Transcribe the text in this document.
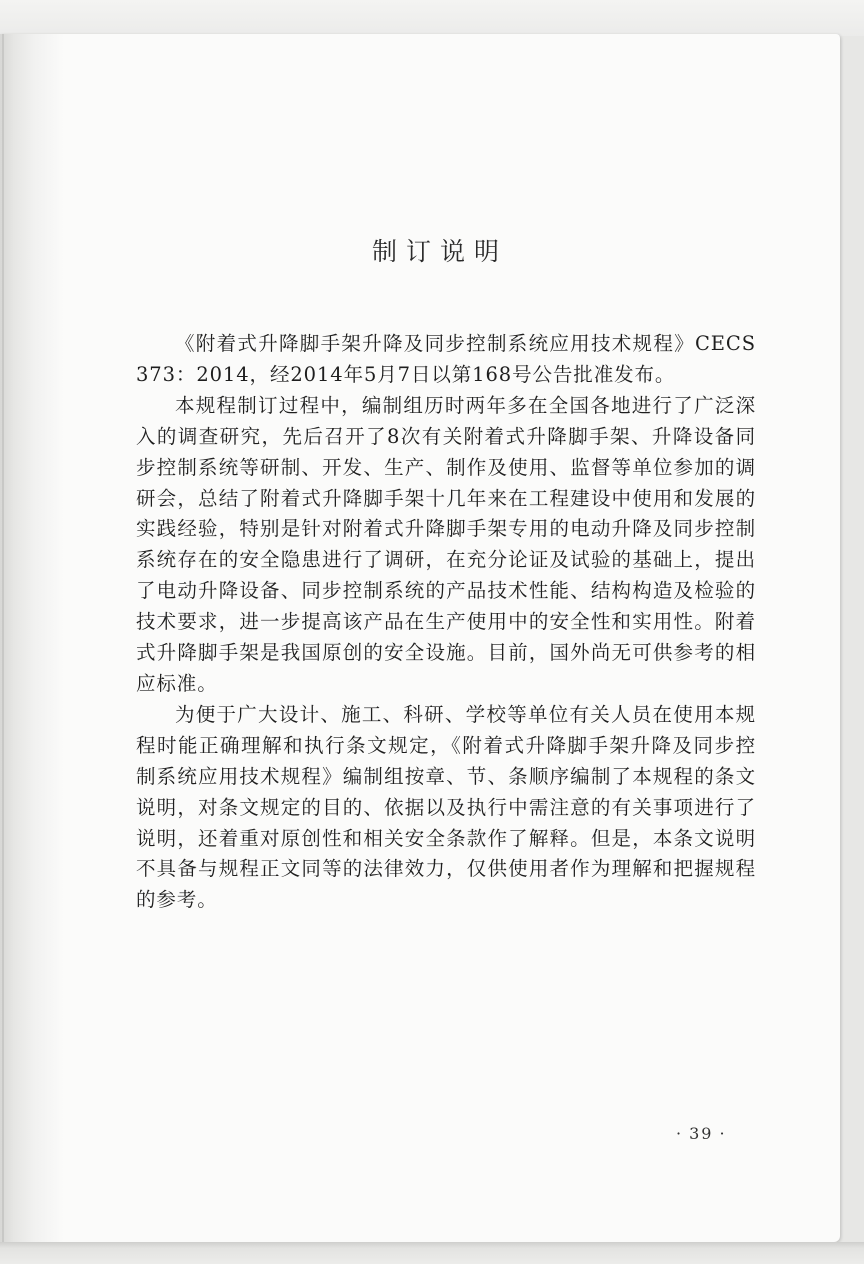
制订说明

《附着式升降脚手架升降及同步控制系统应用技术规程》CECS 373：2014，经2014年5月7日以第168号公告批准发布。

本规程制订过程中，编制组历时两年多在全国各地进行了广泛深入的调查研究，先后召开了8次有关附着式升降脚手架、升降设备同步控制系统等研制、开发、生产、制作及使用、监督等单位参加的调研会，总结了附着式升降脚手架十几年来在工程建设中使用和发展的实践经验，特别是针对附着式升降脚手架专用的电动升降及同步控制系统存在的安全隐患进行了调研，在充分论证及试验的基础上，提出了电动升降设备、同步控制系统的产品技术性能、结构构造及检验的技术要求，进一步提高该产品在生产使用中的安全性和实用性。附着式升降脚手架是我国原创的安全设施。目前，国外尚无可供参考的相应标准。

为便于广大设计、施工、科研、学校等单位有关人员在使用本规程时能正确理解和执行条文规定，《附着式升降脚手架升降及同步控制系统应用技术规程》编制组按章、节、条顺序编制了本规程的条文说明，对条文规定的目的、依据以及执行中需注意的有关事项进行了说明，还着重对原创性和相关安全条款作了解释。但是，本条文说明不具备与规程正文同等的法律效力，仅供使用者作为理解和把握规程的参考。

· 39 ·
